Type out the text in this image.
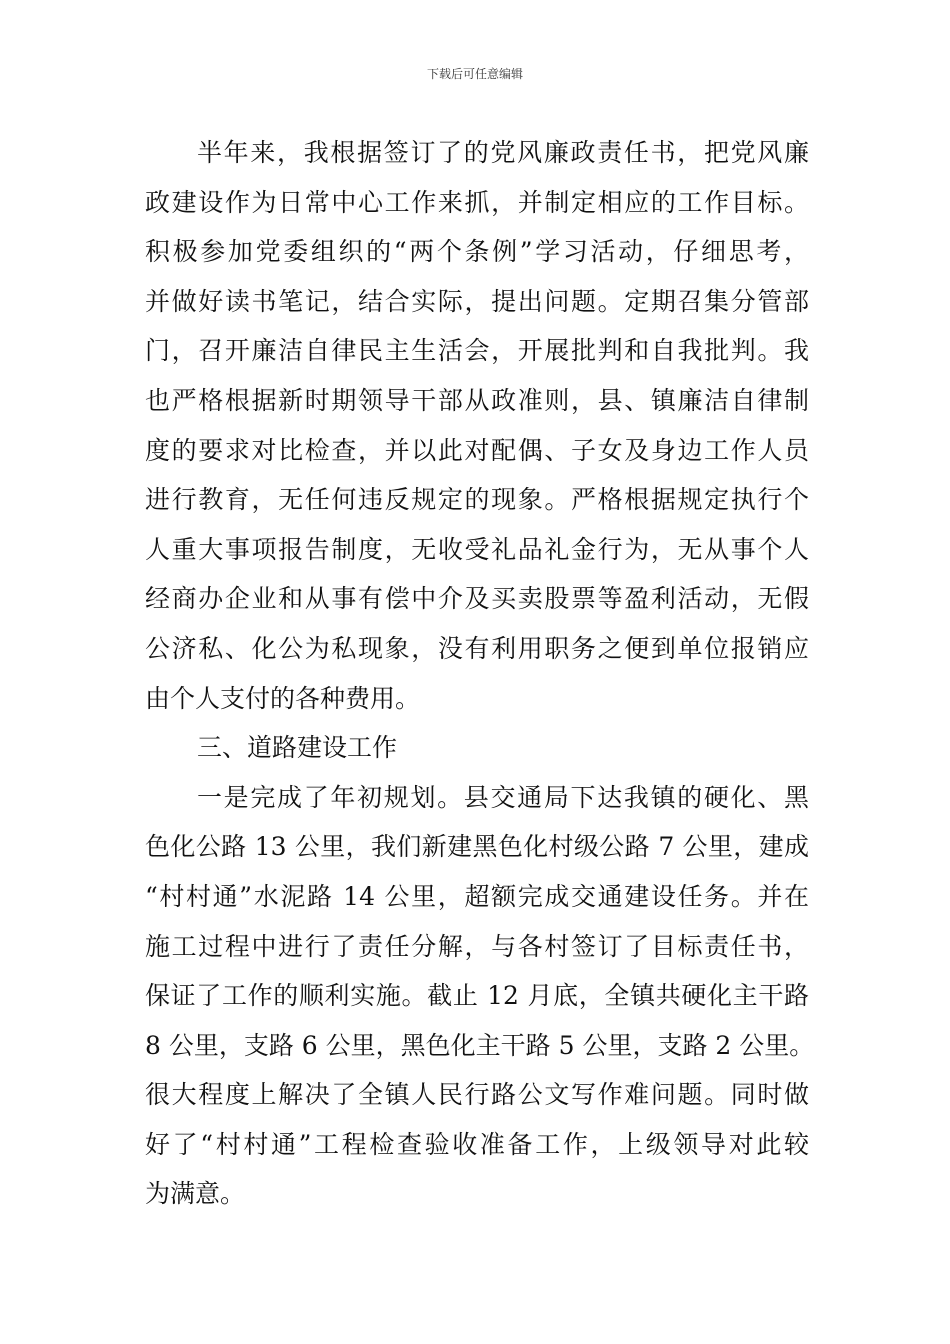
下载后可任意编辑
半年来，我根据签订了的党风廉政责任书，把党风廉
政建设作为日常中心工作来抓，并制定相应的工作目标。
积极参加党委组织的“两个条例”学习活动，仔细思考，
并做好读书笔记，结合实际，提出问题。定期召集分管部
门，召开廉洁自律民主生活会，开展批判和自我批判。我
也严格根据新时期领导干部从政准则，县、镇廉洁自律制
度的要求对比检查，并以此对配偶、子女及身边工作人员
进行教育，无任何违反规定的现象。严格根据规定执行个
人重大事项报告制度，无收受礼品礼金行为，无从事个人
经商办企业和从事有偿中介及买卖股票等盈利活动，无假
公济私、化公为私现象，没有利用职务之便到单位报销应
由个人支付的各种费用。
三、道路建设工作
一是完成了年初规划。县交通局下达我镇的硬化、黑
色化公路 13 公里，我们新建黑色化村级公路 7 公里，建成
“村村通”水泥路 14 公里，超额完成交通建设任务。并在
施工过程中进行了责任分解，与各村签订了目标责任书，
保证了工作的顺利实施。截止 12 月底，全镇共硬化主干路
8 公里，支路 6 公里，黑色化主干路 5 公里，支路 2 公里。
很大程度上解决了全镇人民行路公文写作难问题。同时做
好了“村村通”工程检查验收准备工作，上级领导对此较
为满意。
